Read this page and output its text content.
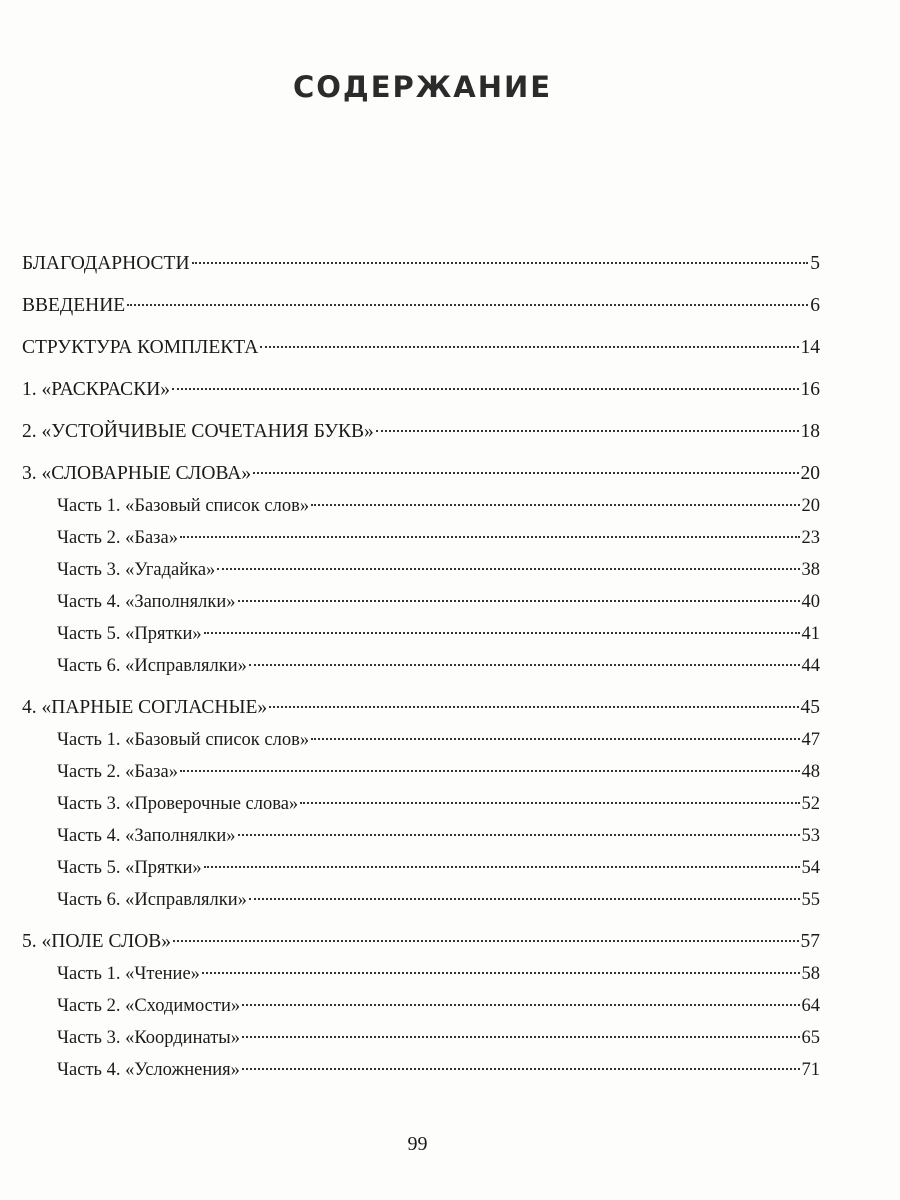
СОДЕРЖАНИЕ
БЛАГОДАРНОСТИ	5
ВВЕДЕНИЕ	6
СТРУКТУРА КОМПЛЕКТА	14
1. «РАСКРАСКИ»	16
2. «УСТОЙЧИВЫЕ СОЧЕТАНИЯ БУКВ»	18
3. «СЛОВАРНЫЕ СЛОВА»	20
Часть 1. «Базовый список слов»	20
Часть 2. «База»	23
Часть 3. «Угадайка»	38
Часть 4. «Заполнялки»	40
Часть 5. «Прятки»	41
Часть 6. «Исправлялки»	44
4. «ПАРНЫЕ СОГЛАСНЫЕ»	45
Часть 1. «Базовый список слов»	47
Часть 2. «База»	48
Часть 3. «Проверочные слова»	52
Часть 4. «Заполнялки»	53
Часть 5. «Прятки»	54
Часть 6. «Исправлялки»	55
5. «ПОЛЕ СЛОВ»	57
Часть 1. «Чтение»	58
Часть 2. «Сходимости»	64
Часть 3. «Координаты»	65
Часть 4. «Усложнения»	71
99
